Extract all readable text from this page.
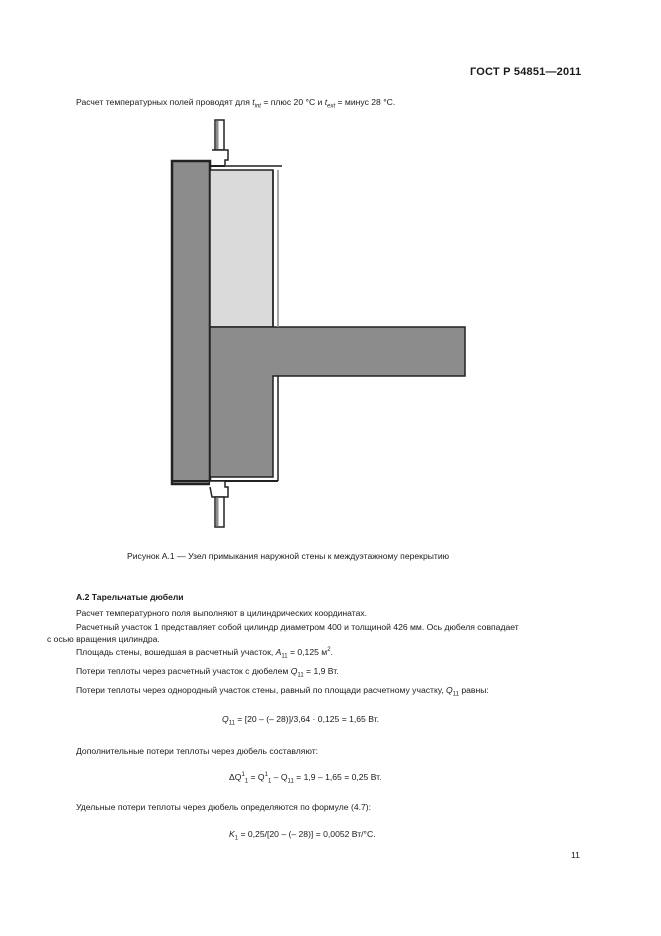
ГОСТ Р 54851—2011
Расчет температурных полей проводят для $t_{int}$ = плюс 20 °С и $t_{ext}$ = минус 28 °С.
Рисунок А.1 — Узел примыкания наружной стены к междуэтажному перекрытию
А.2 Тарельчатые дюбели
Расчет температурного поля выполняют в цилиндрических координатах.
Расчетный участок 1 представляет собой цилиндр диаметром 400 и толщиной 426 мм. Ось дюбеля совпадает
с осью вращения цилиндра.
Площадь стены, вошедшая в расчетный участок, $A_{11} = 0,125$ $м^2$.
Потери теплоты через расчетный участок с дюбелем $Q_{11} = 1,9$ Вт.
Потери теплоты через однородный участок стены, равный по площади расчетному участку, $Q_{11}$ равны:
$Q_{11} = [20$ – (– 28)]/3,64 · 0,125 = 1,65 Вт.
Дополнительные потери теплоты через дюбель составляют:
$\Delta Q^1_1 = Q^1_1 - Q_{11} = 1,9 - 1,65 = 0,25$ Вт.
Удельные потери теплоты через дюбель определяются по формуле (4.7):
$K_1 = 0,25/[20$ – (– 28)] = 0,0052 Вт/°С.
11
